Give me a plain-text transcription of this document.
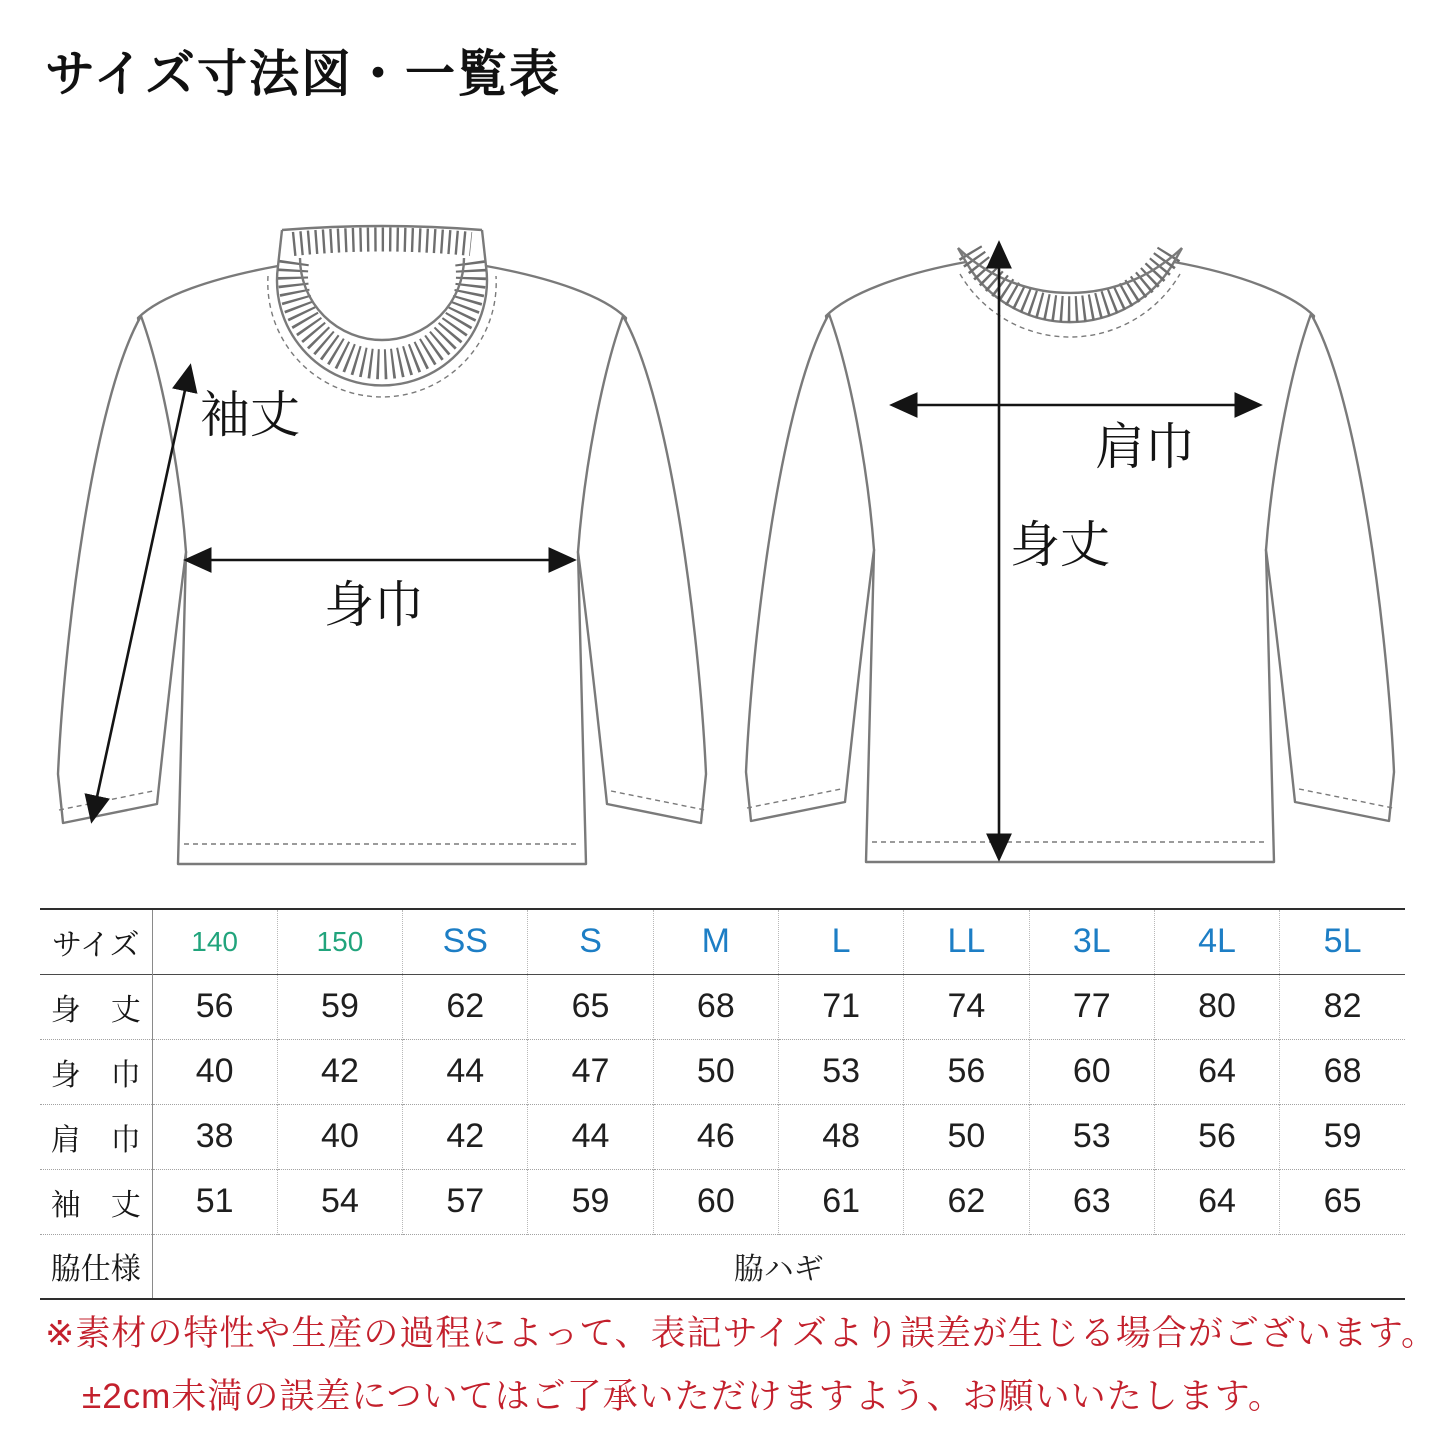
サイズ寸法図・一覧表
袖丈
身巾
肩巾
身丈
サイズ	140	150	SS	S	M	L	LL	3L	4L	5L
身　丈	56	59	62	65	68	71	74	77	80	82
身　巾	40	42	44	47	50	53	56	60	64	68
肩　巾	38	40	42	44	46	48	50	53	56	59
袖　丈	51	54	57	59	60	61	62	63	64	65
脇仕様	脇ハギ									
※素材の特性や生産の過程によって、表記サイズより誤差が生じる場合がございます。
±2cm未満の誤差についてはご了承いただけますよう、お願いいたします。
